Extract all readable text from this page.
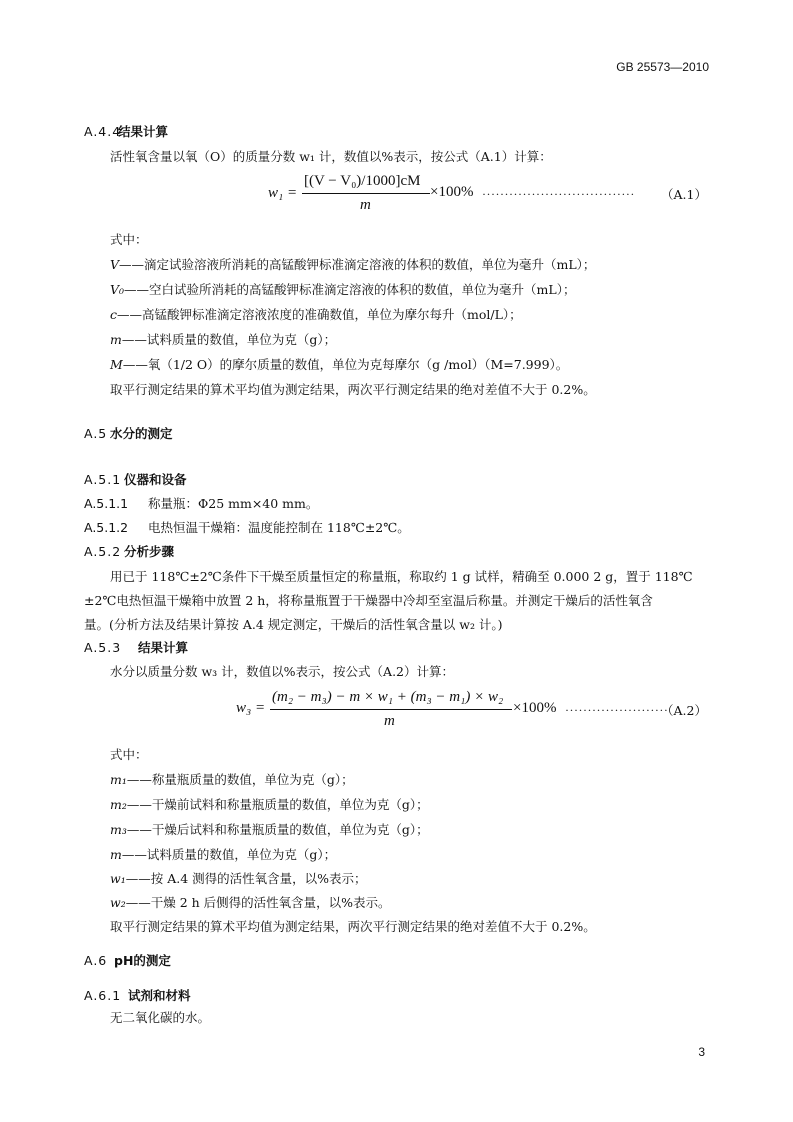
GB 25573—2010
A.4.4结果计算
活性氧含量以氧（O）的质量分数 w₁ 计，数值以%表示，按公式（A.1）计算：
w₁ =
[(V − V₀)/1000]cM
m
×100% ·································· （A.1）
式中：
V——滴定试验溶液所消耗的高锰酸钾标准滴定溶液的体积的数值，单位为毫升（mL）；
V₀——空白试验所消耗的高锰酸钾标准滴定溶液的体积的数值，单位为毫升（mL）；
c——高锰酸钾标准滴定溶液浓度的准确数值，单位为摩尔每升（mol/L）；
m——试料质量的数值，单位为克（g）；
M——氧（1/2 O）的摩尔质量的数值，单位为克每摩尔（g /mol）（M=7.999）。
取平行测定结果的算术平均值为测定结果，两次平行测定结果的绝对差值不大于 0.2%。
A.5 水分的测定
A.5.1 仪器和设备
A.5.1.1 称量瓶：Φ25 mm×40 mm。
A.5.1.2 电热恒温干燥箱：温度能控制在 118℃±2℃。
A.5.2 分析步骤
用已于 118℃±2℃条件下干燥至质量恒定的称量瓶，称取约 1 g 试样，精确至 0.000 2 g，置于 118℃
±2℃电热恒温干燥箱中放置 2 h，将称量瓶置于干燥器中冷却至室温后称量。并测定干燥后的活性氧含
量。(分析方法及结果计算按 A.4 规定测定，干燥后的活性氧含量以 w₂ 计。)
A.5.3 结果计算
水分以质量分数 w₃ 计，数值以%表示，按公式（A.2）计算：
w₃ =
(m₂ − m₃) − m × w₁ + (m₃ − m₁) × w₂
m
×100% ·······················
（A.2）
式中：
m₁——称量瓶质量的数值，单位为克（g）；
m₂——干燥前试料和称量瓶质量的数值，单位为克（g）；
m₃——干燥后试料和称量瓶质量的数值，单位为克（g）；
m——试料质量的数值，单位为克（g）；
w₁——按 A.4 测得的活性氧含量，以%表示；
w₂——干燥 2 h 后侧得的活性氧含量，以%表示。
取平行测定结果的算术平均值为测定结果，两次平行测定结果的绝对差值不大于 0.2%。
A.6 pH的测定
A.6.1 试剂和材料
无二氧化碳的水。
3
